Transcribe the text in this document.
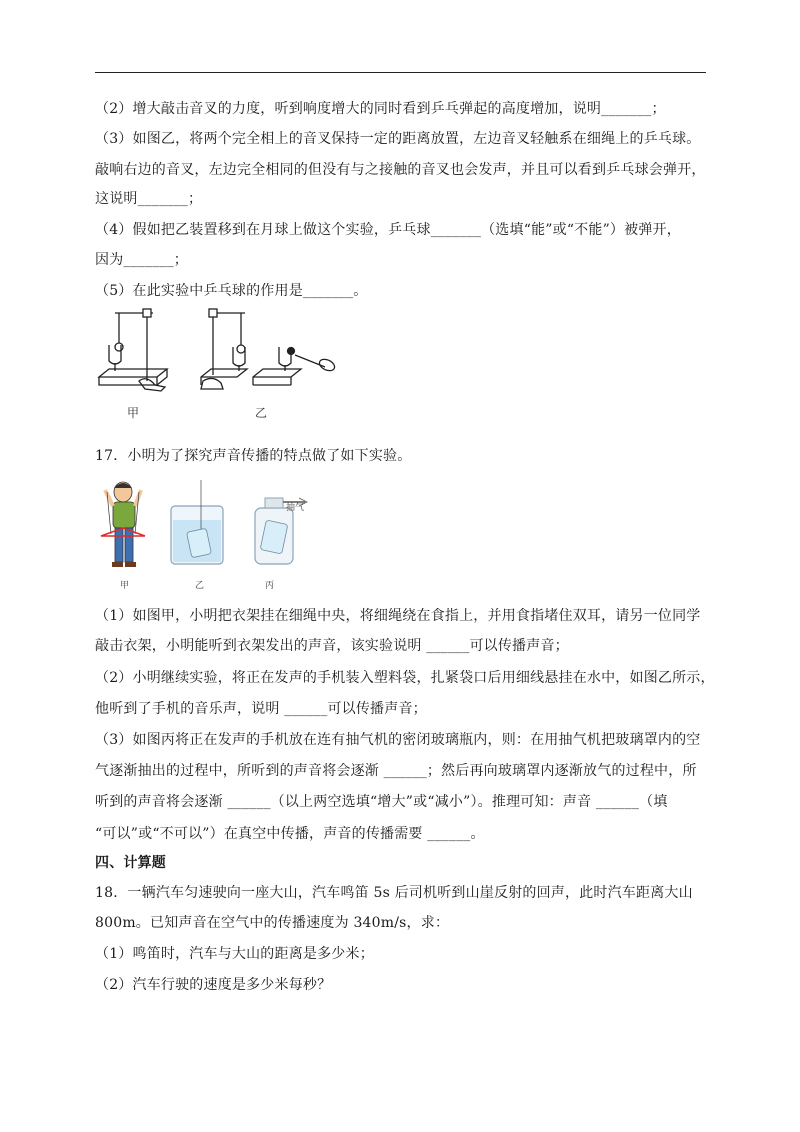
（2）增大敲击音叉的力度，听到响度增大的同时看到乒乓弹起的高度增加，说明_______；
（3）如图乙，将两个完全相上的音叉保持一定的距离放置，左边音叉轻触系在细绳上的乒乓球。
敲响右边的音叉，左边完全相同的但没有与之接触的音叉也会发声，并且可以看到乒乓球会弹开，
这说明_______；
（4）假如把乙装置移到在月球上做这个实验，乒乓球_______（选填“能”或“不能”）被弹开，
因为_______；
（5）在此实验中乒乓球的作用是_______。
甲	乙
17．小明为了探究声音传播的特点做了如下实验。
抽气
甲	乙	丙
（1）如图甲，小明把衣架挂在细绳中央，将细绳绕在食指上，并用食指堵住双耳，请另一位同学
敲击衣架，小明能听到衣架发出的声音，该实验说明 ______可以传播声音；
（2）小明继续实验，将正在发声的手机装入塑料袋，扎紧袋口后用细线悬挂在水中，如图乙所示，
他听到了手机的音乐声，说明 ______可以传播声音；
（3）如图丙将正在发声的手机放在连有抽气机的密闭玻璃瓶内，则：在用抽气机把玻璃罩内的空
气逐渐抽出的过程中，所听到的声音将会逐渐 ______；然后再向玻璃罩内逐渐放气的过程中，所
听到的声音将会逐渐 ______（以上两空选填“增大”或“减小”）。推理可知：声音 ______（填
“可以”或“不可以”）在真空中传播，声音的传播需要 ______。
四、计算题
18．一辆汽车匀速驶向一座大山，汽车鸣笛 5s 后司机听到山崖反射的回声，此时汽车距离大山
800m。已知声音在空气中的传播速度为 340m/s，求：
（1）鸣笛时，汽车与大山的距离是多少米；
（2）汽车行驶的速度是多少米每秒？
